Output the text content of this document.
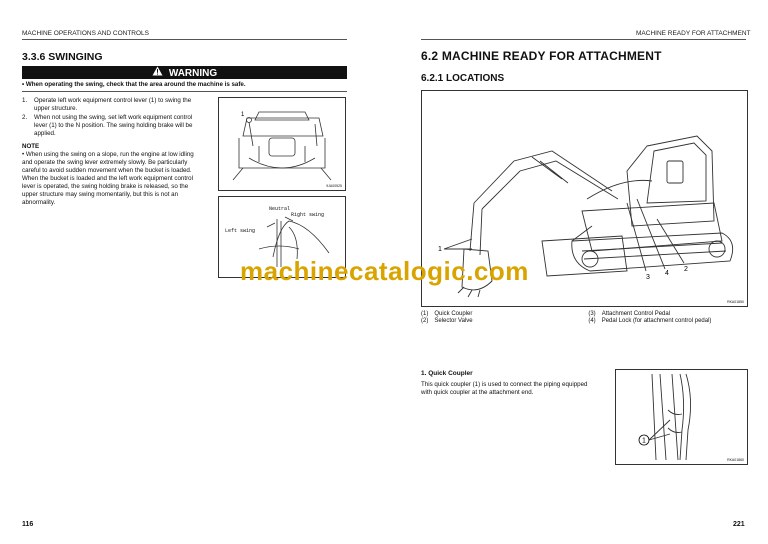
MACHINE OPERATIONS AND CONTROLS
3.3.6 SWINGING
WARNING
• When operating the swing, check that the area around the machine is safe.
1.	Operate left work equipment control lever (1) to swing the upper structure.
2.	When not using the swing, set left work equipment control lever (1) to the N position. The swing holding brake will be applied.
NOTE
• When using the swing on a slope, run the engine at low idling and operate the swing lever extremely slowly. Be particularly careful to avoid sudden movement when the bucket is loaded. When the bucket is loaded and the left work equipment control lever is operated, the swing holding brake is released, so the upper structure may swing momentarily, but this is not an abnormality.
1
9JA00525
Neutral
Right swing
Left swing
116
MACHINE READY FOR ATTACHMENT
6.2 MACHINE READY FOR ATTACHMENT
6.2.1 LOCATIONS
1
2
3
4
RKA01850
(1)	Quick Coupler	(3)	Attachment Control Pedal
(2)	Selector Valve	(4)	Pedal Lock (for attachment control pedal)
1. Quick Coupler
This quick coupler (1) is used to connect the piping equipped with quick coupler at the attachment end.
1
RKA01860
221
machinecatalogic.com
